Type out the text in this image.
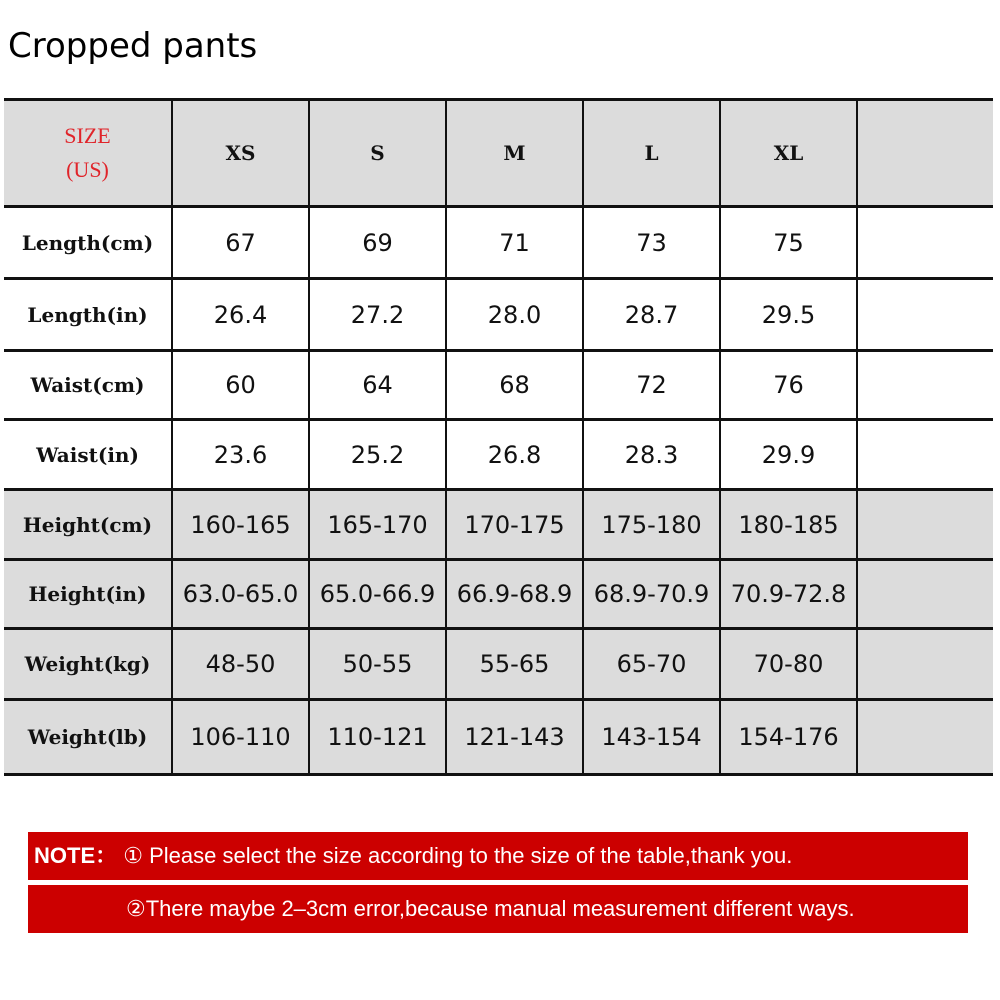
Cropped pants
SIZE
(US)	XS	S	M	L	XL	
Length(cm)	67	69	71	73	75	
Length(in)	26.4	27.2	28.0	28.7	29.5	
Waist(cm)	60	64	68	72	76	
Waist(in)	23.6	25.2	26.8	28.3	29.9	
Height(cm)	160-165	165-170	170-175	175-180	180-185	
Height(in)	63.0-65.0	65.0-66.9	66.9-68.9	68.9-70.9	70.9-72.8	
Weight(kg)	48-50	50-55	55-65	65-70	70-80	
Weight(lb)	106-110	110-121	121-143	143-154	154-176	
NOTE： ① Please select the size according to the size of the table,thank you.
②There maybe 2–3cm error,because manual measurement different ways.
